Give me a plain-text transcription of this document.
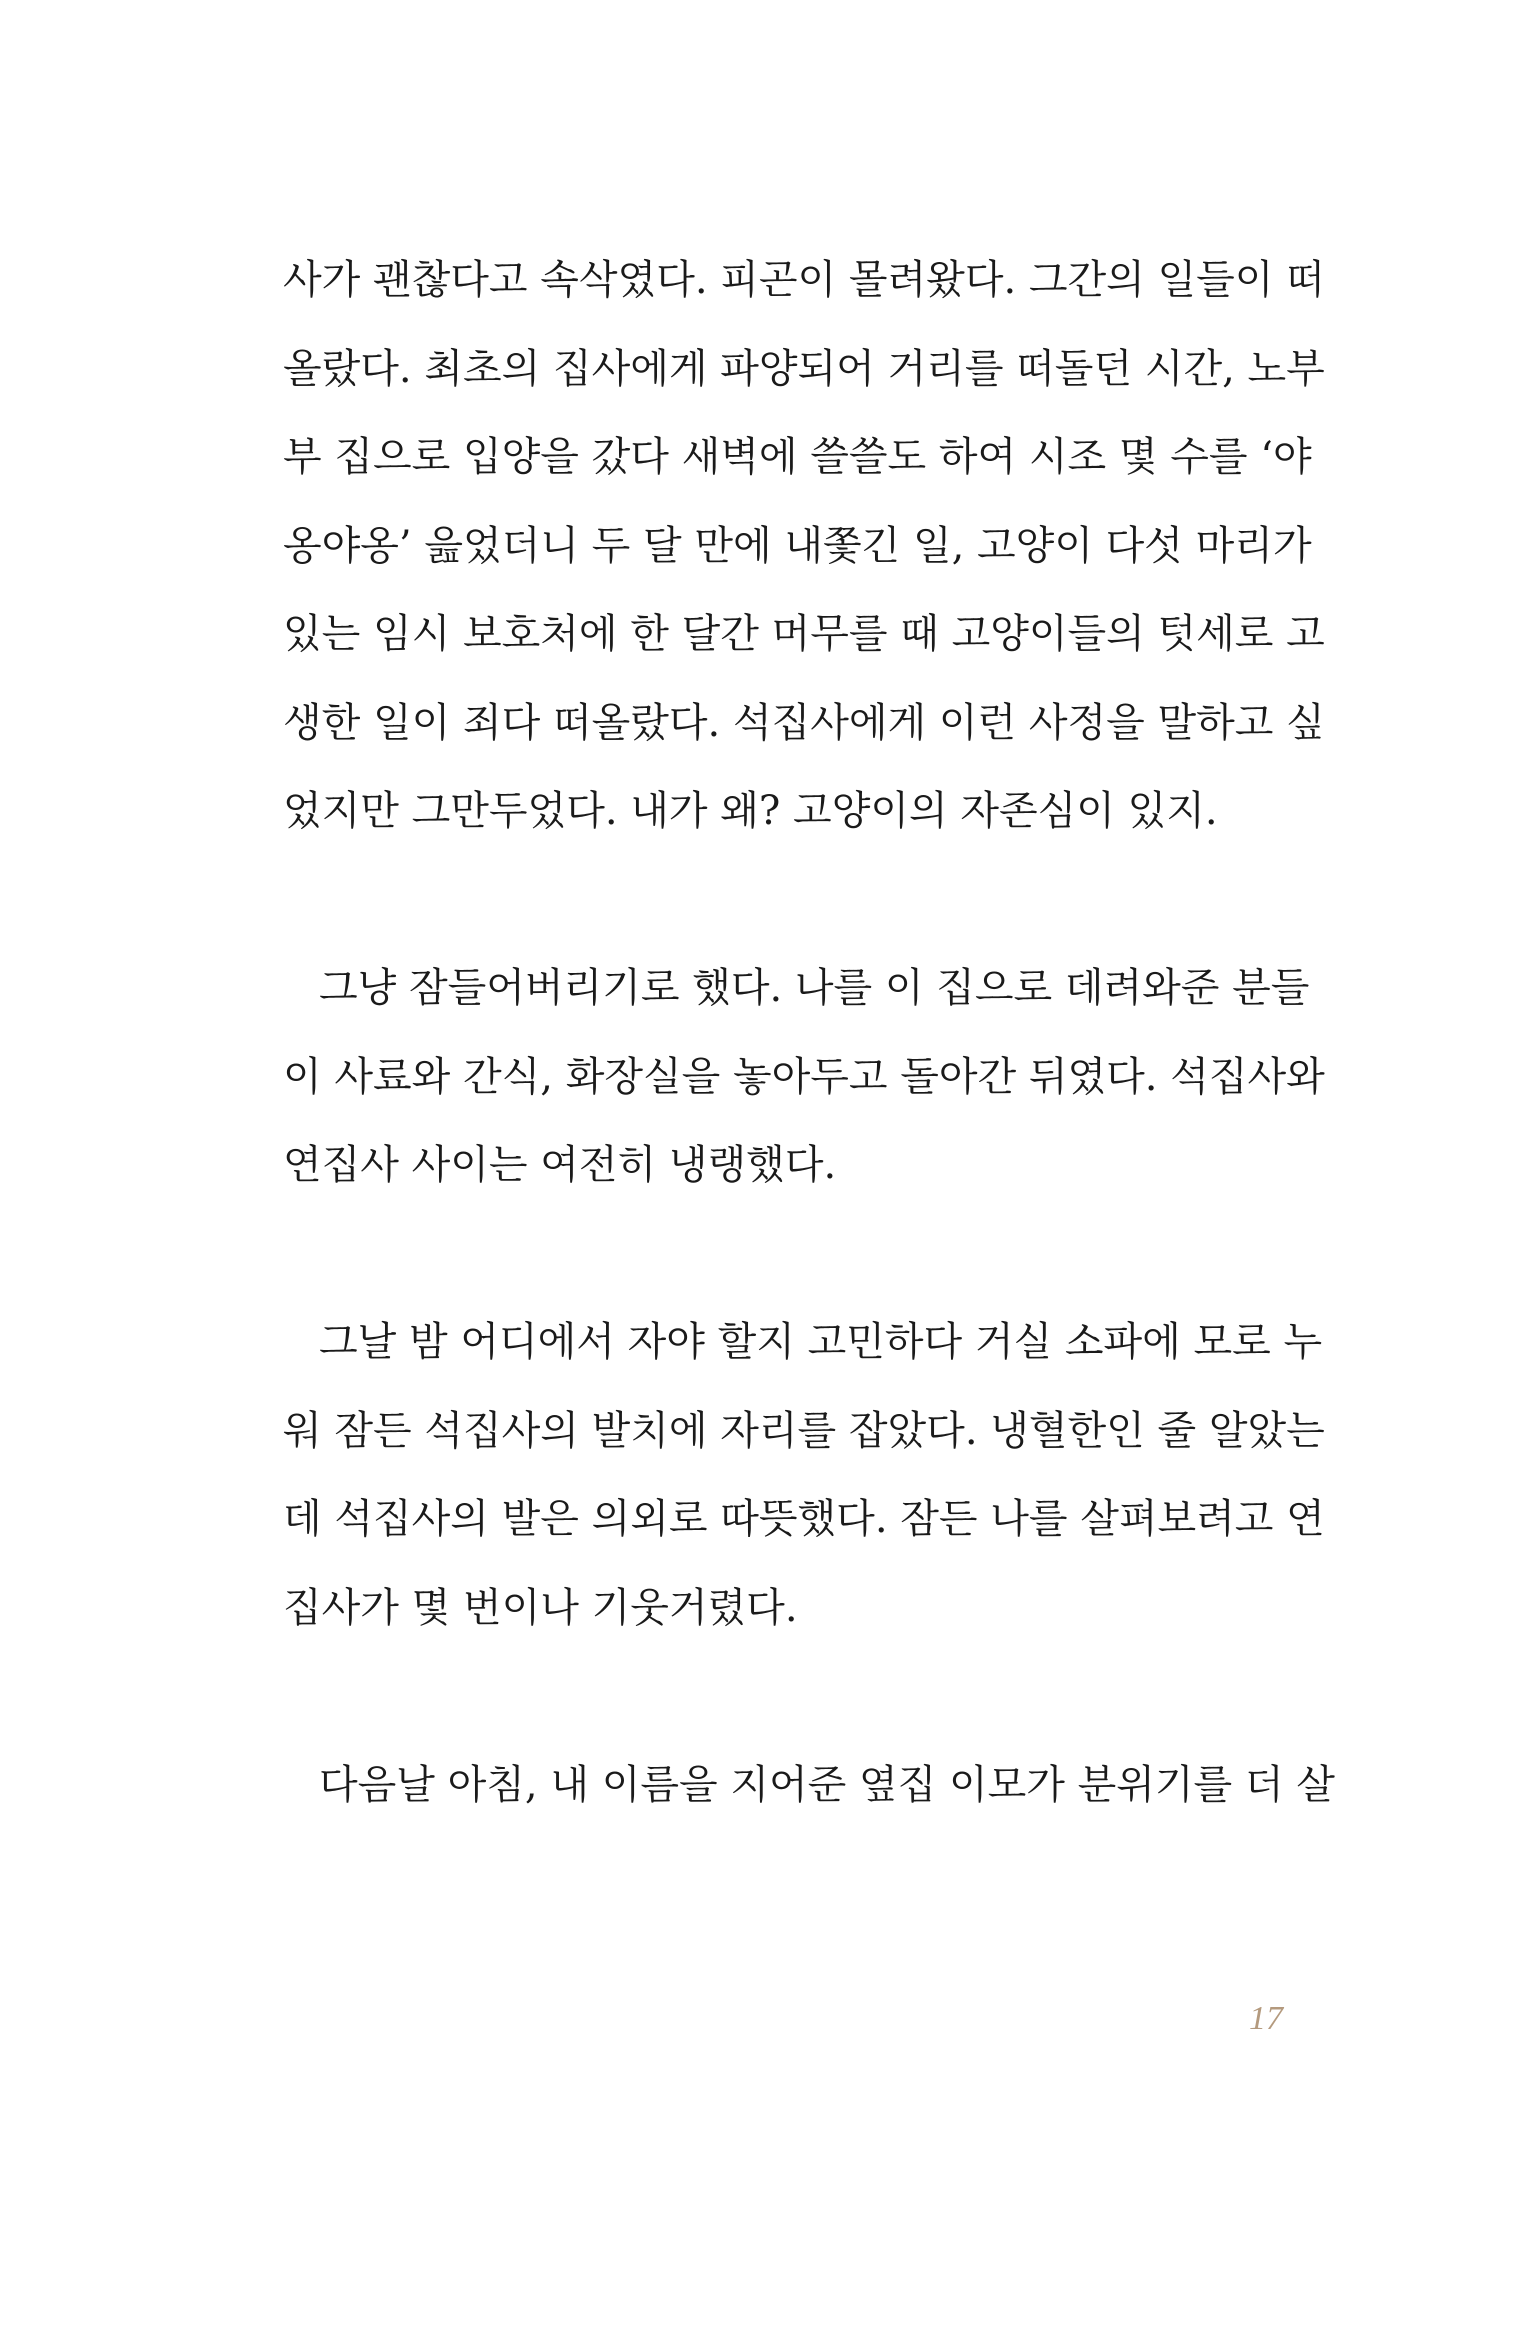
사가 괜찮다고 속삭였다. 피곤이 몰려왔다. 그간의 일들이 떠
올랐다. 최초의 집사에게 파양되어 거리를 떠돌던 시간, 노부
부 집으로 입양을 갔다 새벽에 쓸쓸도 하여 시조 몇 수를 ‘야
옹야옹’ 읊었더니 두 달 만에 내쫓긴 일, 고양이 다섯 마리가
있는 임시 보호처에 한 달간 머무를 때 고양이들의 텃세로 고
생한 일이 죄다 떠올랐다. 석집사에게 이런 사정을 말하고 싶
었지만 그만두었다. 내가 왜? 고양이의 자존심이 있지.
그냥 잠들어버리기로 했다. 나를 이 집으로 데려와준 분들
이 사료와 간식, 화장실을 놓아두고 돌아간 뒤였다. 석집사와
연집사 사이는 여전히 냉랭했다.
그날 밤 어디에서 자야 할지 고민하다 거실 소파에 모로 누
워 잠든 석집사의 발치에 자리를 잡았다. 냉혈한인 줄 알았는
데 석집사의 발은 의외로 따뜻했다. 잠든 나를 살펴보려고 연
집사가 몇 번이나 기웃거렸다.
다음날 아침, 내 이름을 지어준 옆집 이모가 분위기를 더 살
17
